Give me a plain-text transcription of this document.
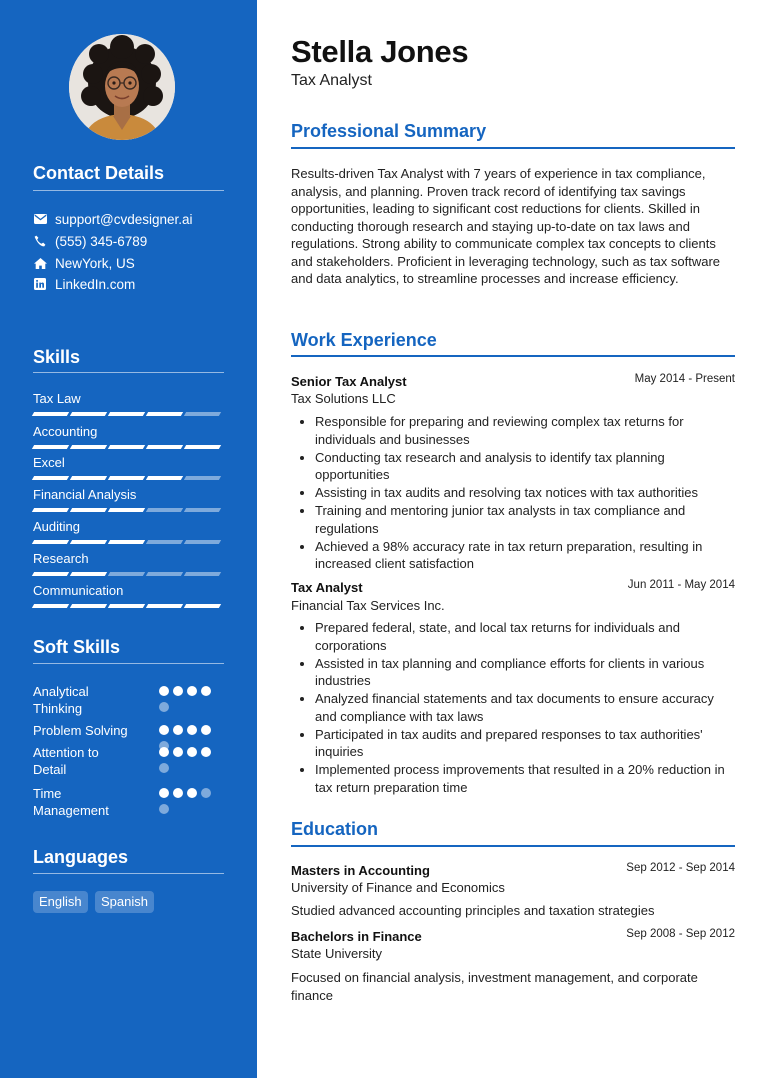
Contact Details
support@cvdesigner.ai
(555) 345-6789
NewYork, US
LinkedIn.com
Skills
Tax Law
Accounting
Excel
Financial Analysis
Auditing
Research
Communication
Soft Skills
Analytical Thinking
Problem Solving
Attention to Detail
Time Management
Languages
English	Spanish
Stella Jones
Tax Analyst
Professional Summary
Results-driven Tax Analyst with 7 years of experience in tax compliance, analysis, and planning. Proven track record of identifying tax savings opportunities, leading to significant cost reductions for clients. Skilled in conducting thorough research and staying up-to-date on tax laws and regulations. Strong ability to communicate complex tax concepts to clients and stakeholders. Proficient in leveraging technology, such as tax software and data analytics, to streamline processes and increase efficiency.
Work Experience
Senior Tax Analyst	May 2014 - Present
Tax Solutions LLC
• Responsible for preparing and reviewing complex tax returns for individuals and businesses
• Conducting tax research and analysis to identify tax planning opportunities
• Assisting in tax audits and resolving tax notices with tax authorities
• Training and mentoring junior tax analysts in tax compliance and regulations
• Achieved a 98% accuracy rate in tax return preparation, resulting in increased client satisfaction
Tax Analyst	Jun 2011 - May 2014
Financial Tax Services Inc.
• Prepared federal, state, and local tax returns for individuals and corporations
• Assisted in tax planning and compliance efforts for clients in various industries
• Analyzed financial statements and tax documents to ensure accuracy and compliance with tax laws
• Participated in tax audits and prepared responses to tax authorities' inquiries
• Implemented process improvements that resulted in a 20% reduction in tax return preparation time
Education
Masters in Accounting	Sep 2012 - Sep 2014
University of Finance and Economics
Studied advanced accounting principles and taxation strategies
Bachelors in Finance	Sep 2008 - Sep 2012
State University
Focused on financial analysis, investment management, and corporate finance
